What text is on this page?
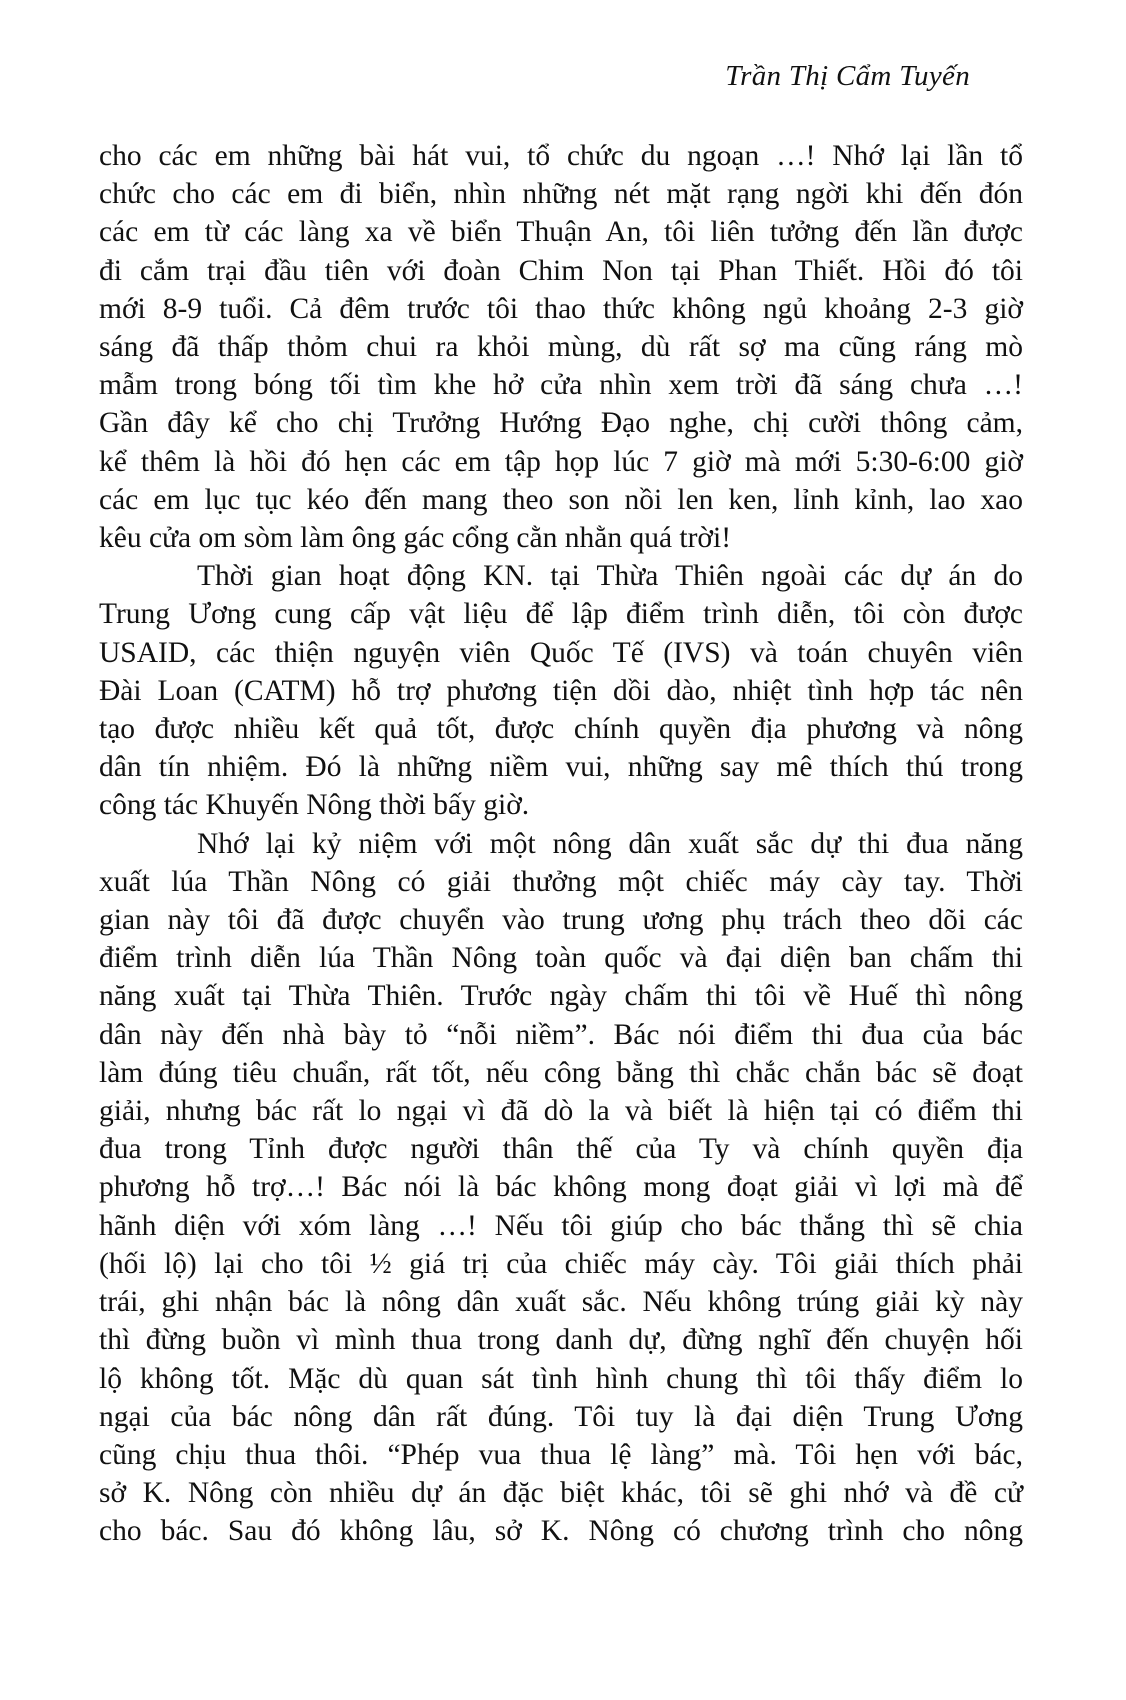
Trần Thị Cẩm Tuyến
cho các em những bài hát vui, tổ chức du ngoạn …! Nhớ lại lần tổ
chức cho các em đi biển, nhìn những nét mặt rạng ngời khi đến đón
các em từ các làng xa về biển Thuận An, tôi liên tưởng đến lần được
đi cắm trại đầu tiên với đoàn Chim Non tại Phan Thiết. Hồi đó tôi
mới 8-9 tuổi. Cả đêm trước tôi thao thức không ngủ khoảng 2-3 giờ
sáng đã thấp thỏm chui ra khỏi mùng, dù rất sợ ma cũng ráng mò
mẫm trong bóng tối tìm khe hở cửa nhìn xem trời đã sáng chưa …!
Gần đây kể cho chị Trưởng Hướng Đạo nghe, chị cười thông cảm,
kể thêm là hồi đó hẹn các em tập họp lúc 7 giờ mà mới 5:30-6:00 giờ
các em lục tục kéo đến mang theo son nồi len ken, lỉnh kỉnh, lao xao
kêu cửa om sòm làm ông gác cổng cằn nhằn quá trời!
Thời gian hoạt động KN. tại Thừa Thiên ngoài các dự án do
Trung Ương cung cấp vật liệu để lập điểm trình diễn, tôi còn được
USAID, các thiện nguyện viên Quốc Tế (IVS) và toán chuyên viên
Đài Loan (CATM) hỗ trợ phương tiện dồi dào, nhiệt tình hợp tác nên
tạo được nhiều kết quả tốt, được chính quyền địa phương và nông
dân tín nhiệm. Đó là những niềm vui, những say mê thích thú trong
công tác Khuyến Nông thời bấy giờ.
Nhớ lại kỷ niệm với một nông dân xuất sắc dự thi đua năng
xuất lúa Thần Nông có giải thưởng một chiếc máy cày tay. Thời
gian này tôi đã được chuyển vào trung ương phụ trách theo dõi các
điểm trình diễn lúa Thần Nông toàn quốc và đại diện ban chấm thi
năng xuất tại Thừa Thiên. Trước ngày chấm thi tôi về Huế thì nông
dân này đến nhà bày tỏ “nỗi niềm”. Bác nói điểm thi đua của bác
làm đúng tiêu chuẩn, rất tốt, nếu công bằng thì chắc chắn bác sẽ đoạt
giải, nhưng bác rất lo ngại vì đã dò la và biết là hiện tại có điểm thi
đua trong Tỉnh được người thân thế của Ty và chính quyền địa
phương hỗ trợ…! Bác nói là bác không mong đoạt giải vì lợi mà để
hãnh diện với xóm làng …! Nếu tôi giúp cho bác thắng thì sẽ chia
(hối lộ) lại cho tôi ½ giá trị của chiếc máy cày. Tôi giải thích phải
trái, ghi nhận bác là nông dân xuất sắc. Nếu không trúng giải kỳ này
thì đừng buồn vì mình thua trong danh dự, đừng nghĩ đến chuyện hối
lộ không tốt. Mặc dù quan sát tình hình chung thì tôi thấy điểm lo
ngại của bác nông dân rất đúng. Tôi tuy là đại diện Trung Ương
cũng chịu thua thôi. “Phép vua thua lệ làng” mà. Tôi hẹn với bác,
sở K. Nông còn nhiều dự án đặc biệt khác, tôi sẽ ghi nhớ và đề cử
cho bác. Sau đó không lâu, sở K. Nông có chương trình cho nông
